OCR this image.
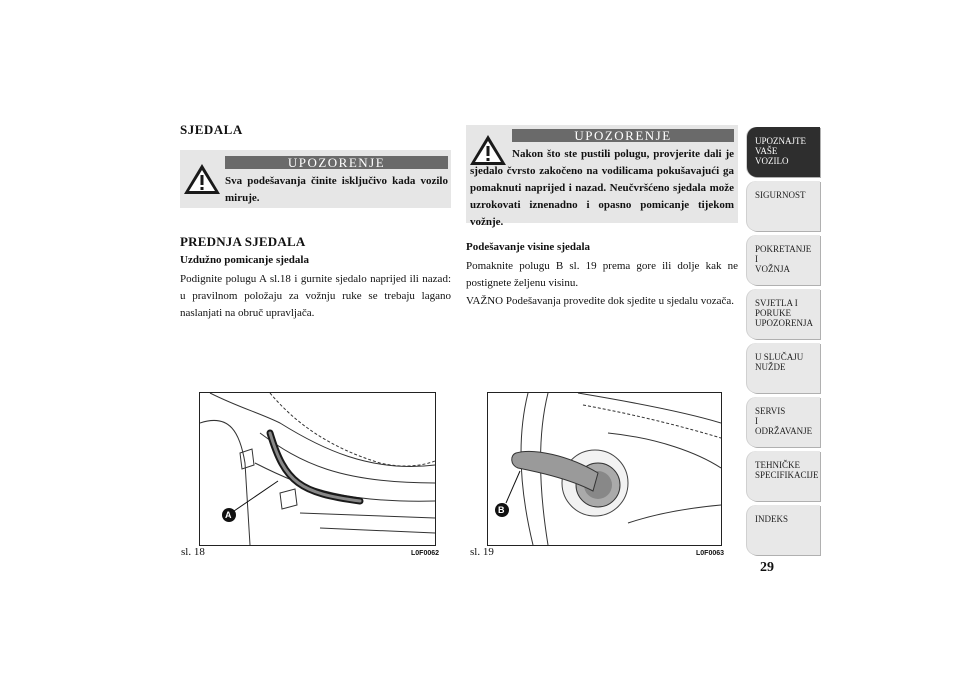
SJEDALA
UPOZORENJE
Sva podešavanja činite isključivo kada vozilo miruje.
PREDNJA SJEDALA
Uzdužno pomicanje sjedala
Podignite polugu A sl.18 i gurnite sjedalo naprijed ili nazad: u pravilnom položaju za vožnju ruke se trebaju lagano naslanjati na obruč upravljača.
UPOZORENJE
Nakon što ste pustili polugu, provjerite dali je sjedalo čvrsto zakočeno na vodilicama pokušavajući ga pomaknuti naprijed i nazad. Neučvršćeno sjedala može uzrokovati iznenadno i opasno pomicanje tijekom vožnje.
Podešavanje visine sjedala
Pomaknite polugu B sl. 19 prema gore ili dolje kak ne postignete željenu visinu.
VAŽNO Podešavanja provedite dok sjedite u sjedalu vozača.
A
sl. 18	L0F0062
B
sl. 19	L0F0063
UPOZNAJTE
VAŠE
VOZILO
SIGURNOST
POKRETANJE
I
VOŽNJA
SVJETLA I
PORUKE
UPOZORENJA
U SLUČAJU
NUŽDE
SERVIS
I
ODRŽAVANJE
TEHNIČKE
SPECIFIKACIJE
INDEKS
29
